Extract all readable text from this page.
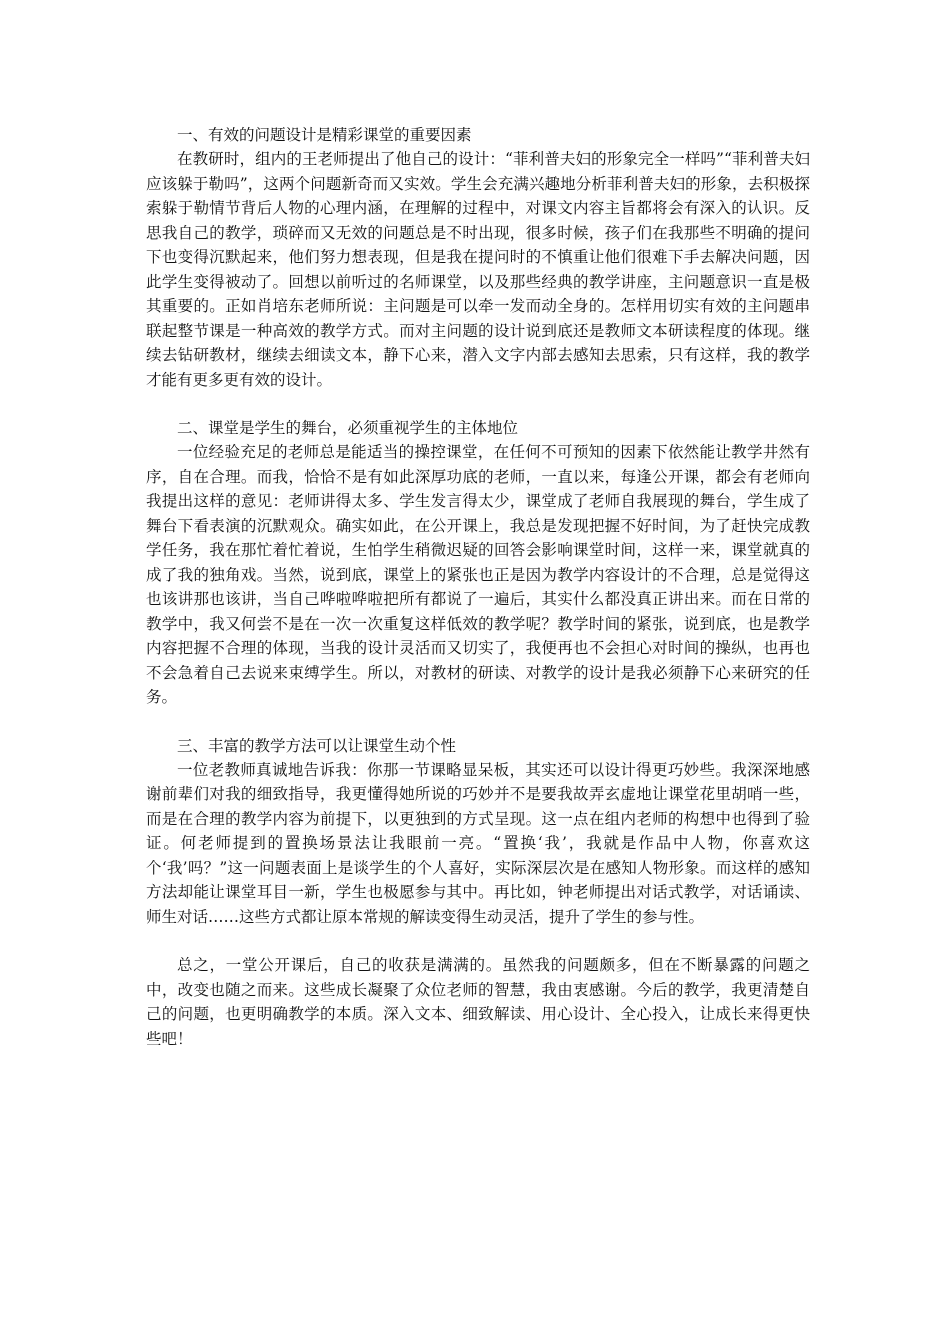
一、有效的问题设计是精彩课堂的重要因素

在教研时，组内的王老师提出了他自己的设计：“菲利普夫妇的形象完全一样吗”“菲利普夫妇应该躲于勒吗”，这两个问题新奇而又实效。学生会充满兴趣地分析菲利普夫妇的形象，去积极探索躲于勒情节背后人物的心理内涵，在理解的过程中，对课文内容主旨都将会有深入的认识。反思我自己的教学，琐碎而又无效的问题总是不时出现，很多时候，孩子们在我那些不明确的提问下也变得沉默起来，他们努力想表现，但是我在提问时的不慎重让他们很难下手去解决问题，因此学生变得被动了。回想以前听过的名师课堂，以及那些经典的教学讲座，主问题意识一直是极其重要的。正如肖培东老师所说：主问题是可以牵一发而动全身的。怎样用切实有效的主问题串联起整节课是一种高效的教学方式。而对主问题的设计说到底还是教师文本研读程度的体现。继续去钻研教材，继续去细读文本，静下心来，潜入文字内部去感知去思索，只有这样，我的教学才能有更多更有效的设计。

二、课堂是学生的舞台，必须重视学生的主体地位

一位经验充足的老师总是能适当的操控课堂，在任何不可预知的因素下依然能让教学井然有序，自在合理。而我，恰恰不是有如此深厚功底的老师，一直以来，每逢公开课，都会有老师向我提出这样的意见：老师讲得太多、学生发言得太少，课堂成了老师自我展现的舞台，学生成了舞台下看表演的沉默观众。确实如此，在公开课上，我总是发现把握不好时间，为了赶快完成教学任务，我在那忙着忙着说，生怕学生稍微迟疑的回答会影响课堂时间，这样一来，课堂就真的成了我的独角戏。当然，说到底，课堂上的紧张也正是因为教学内容设计的不合理，总是觉得这也该讲那也该讲，当自己哗啦哗啦把所有都说了一遍后，其实什么都没真正讲出来。而在日常的教学中，我又何尝不是在一次一次重复这样低效的教学呢？教学时间的紧张，说到底，也是教学内容把握不合理的体现，当我的设计灵活而又切实了，我便再也不会担心对时间的操纵，也再也不会急着自己去说来束缚学生。所以，对教材的研读、对教学的设计是我必须静下心来研究的任务。

三、丰富的教学方法可以让课堂生动个性

一位老教师真诚地告诉我：你那一节课略显呆板，其实还可以设计得更巧妙些。我深深地感谢前辈们对我的细致指导，我更懂得她所说的巧妙并不是要我故弄玄虚地让课堂花里胡哨一些，而是在合理的教学内容为前提下，以更独到的方式呈现。这一点在组内老师的构想中也得到了验证。何老师提到的置换场景法让我眼前一亮。“置换‘我’，我就是作品中人物，你喜欢这个‘我’吗？”这一问题表面上是谈学生的个人喜好，实际深层次是在感知人物形象。而这样的感知方法却能让课堂耳目一新，学生也极愿参与其中。再比如，钟老师提出对话式教学，对话诵读、师生对话……这些方式都让原本常规的解读变得生动灵活，提升了学生的参与性。

总之，一堂公开课后，自己的收获是满满的。虽然我的问题颇多，但在不断暴露的问题之中，改变也随之而来。这些成长凝聚了众位老师的智慧，我由衷感谢。今后的教学，我更清楚自己的问题，也更明确教学的本质。深入文本、细致解读、用心设计、全心投入，让成长来得更快些吧！
